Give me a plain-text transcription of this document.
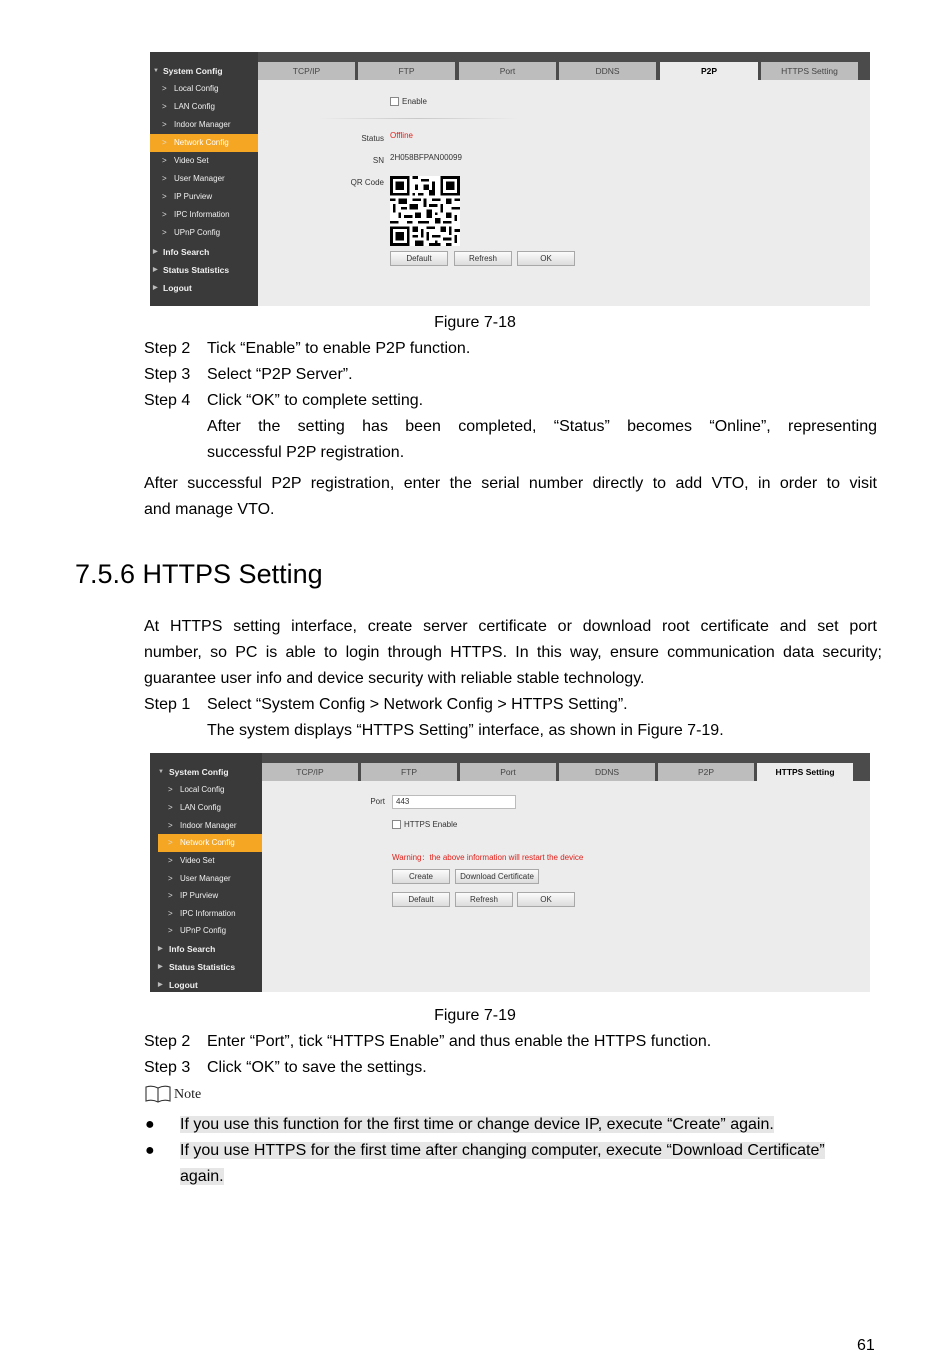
▼ System Config
> Local Config
> LAN Config
> Indoor Manager
> Network Config
> Video Set
> User Manager
> IP Purview
> IPC Information
> UPnP Config
▶ Info Search
▶ Status Statistics
▶ Logout
TCP/IP	FTP	Port	DDNS	P2P	HTTPS Setting
Enable
Status Offline
SN 2H058BFPAN00099
QR Code
Default	Refresh	OK
Figure 7-18
Step 2 Tick “Enable” to enable P2P function.
Step 3 Select “P2P Server”.
Step 4 Click “OK” to complete setting.
After the setting has been completed, “Status” becomes “Online”, representing
successful P2P registration.
After successful P2P registration, enter the serial number directly to add VTO, in order to visit
and manage VTO.
7.5.6 HTTPS Setting
At HTTPS setting interface, create server certificate or download root certificate and set port
number, so PC is able to login through HTTPS. In this way, ensure communication data security;
guarantee user info and device security with reliable stable technology.
Step 1 Select “System Config > Network Config > HTTPS Setting”.
The system displays “HTTPS Setting” interface, as shown in Figure 7-19.
▼ System Config
> Local Config
> LAN Config
> Indoor Manager
> Network Config
> Video Set
> User Manager
> IP Purview
> IPC Information
> UPnP Config
▶ Info Search
▶ Status Statistics
▶ Logout
TCP/IP	FTP	Port	DDNS	P2P	HTTPS Setting
Port	443
HTTPS Enable
Warning：the above information will restart the device
Create	Download Certificate
Default	Refresh	OK
Figure 7-19
Step 2 Enter “Port”, tick “HTTPS Enable” and thus enable the HTTPS function.
Step 3 Click “OK” to save the settings.
Note
● If you use this function for the first time or change device IP, execute “Create” again.
● If you use HTTPS for the first time after changing computer, execute “Download Certificate”
again.
61
